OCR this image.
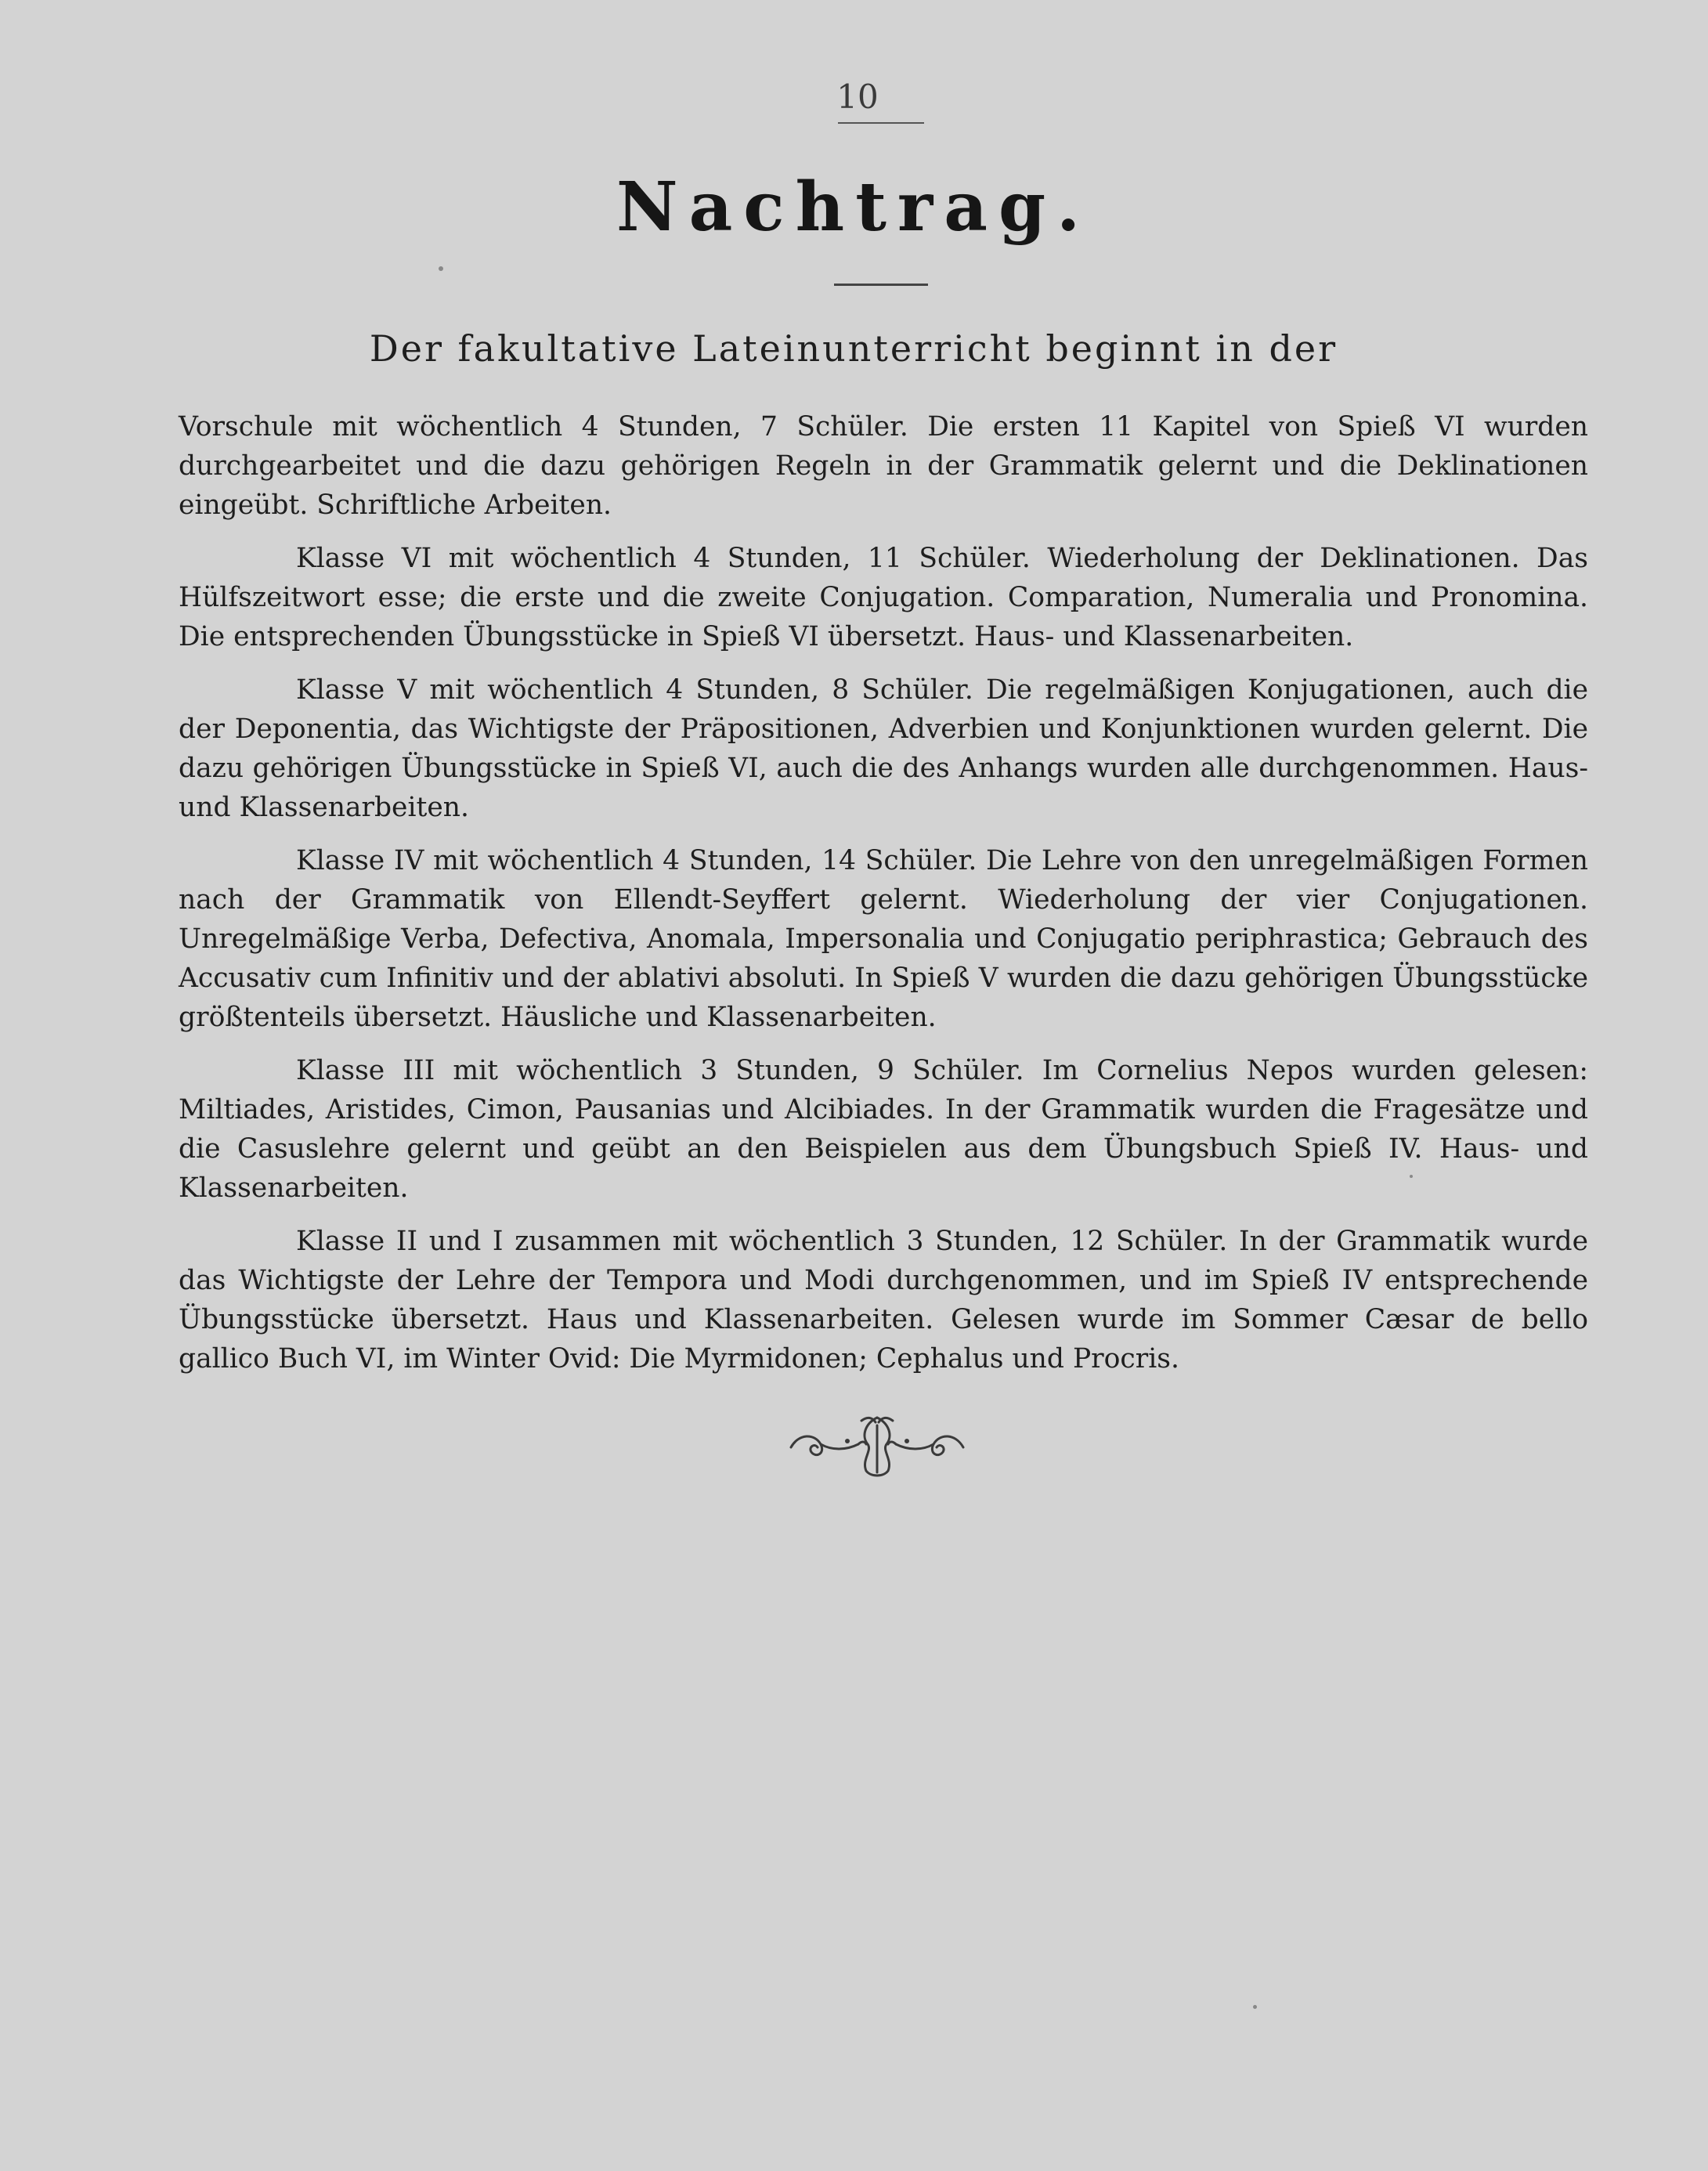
10
Nachtrag.
Der fakultative Lateinunterricht beginnt in der

Vorschule mit wöchentlich 4 Stunden, 7 Schüler. Die ersten 11 Kapitel von Spieß VI wurden durchgearbeitet und die dazu gehörigen Regeln in der Grammatik gelernt und die Deklinationen eingeübt. Schriftliche Arbeiten.

Klasse VI mit wöchentlich 4 Stunden, 11 Schüler. Wiederholung der Deklinationen. Das Hülfszeitwort esse; die erste und die zweite Conjugation. Comparation, Numeralia und Pronomina. Die entsprechenden Übungsstücke in Spieß VI übersetzt. Haus- und Klassenarbeiten.

Klasse V mit wöchentlich 4 Stunden, 8 Schüler. Die regelmäßigen Konjugationen, auch die der Deponentia, das Wichtigste der Präpositionen, Adverbien und Konjunktionen wurden gelernt. Die dazu gehörigen Übungsstücke in Spieß VI, auch die des Anhangs wurden alle durchgenommen. Haus- und Klassenarbeiten.

Klasse IV mit wöchentlich 4 Stunden, 14 Schüler. Die Lehre von den unregelmäßigen Formen nach der Grammatik von Ellendt-Seyffert gelernt. Wiederholung der vier Conjugationen. Unregelmäßige Verba, Defectiva, Anomala, Impersonalia und Conjugatio periphrastica; Gebrauch des Accusativ cum Infinitiv und der ablativi absoluti. In Spieß V wurden die dazu gehörigen Übungsstücke größtenteils übersetzt. Häusliche und Klassenarbeiten.

Klasse III mit wöchentlich 3 Stunden, 9 Schüler. Im Cornelius Nepos wurden gelesen: Miltiades, Aristides, Cimon, Pausanias und Alcibiades. In der Grammatik wurden die Fragesätze und die Casuslehre gelernt und geübt an den Beispielen aus dem Übungsbuch Spieß IV. Haus- und Klassenarbeiten.

Klasse II und I zusammen mit wöchentlich 3 Stunden, 12 Schüler. In der Grammatik wurde das Wichtigste der Lehre der Tempora und Modi durchgenommen, und im Spieß IV entsprechende Übungsstücke übersetzt. Haus und Klassenarbeiten. Gelesen wurde im Sommer Cæsar de bello gallico Buch VI, im Winter Ovid: Die Myrmidonen; Cephalus und Procris.
